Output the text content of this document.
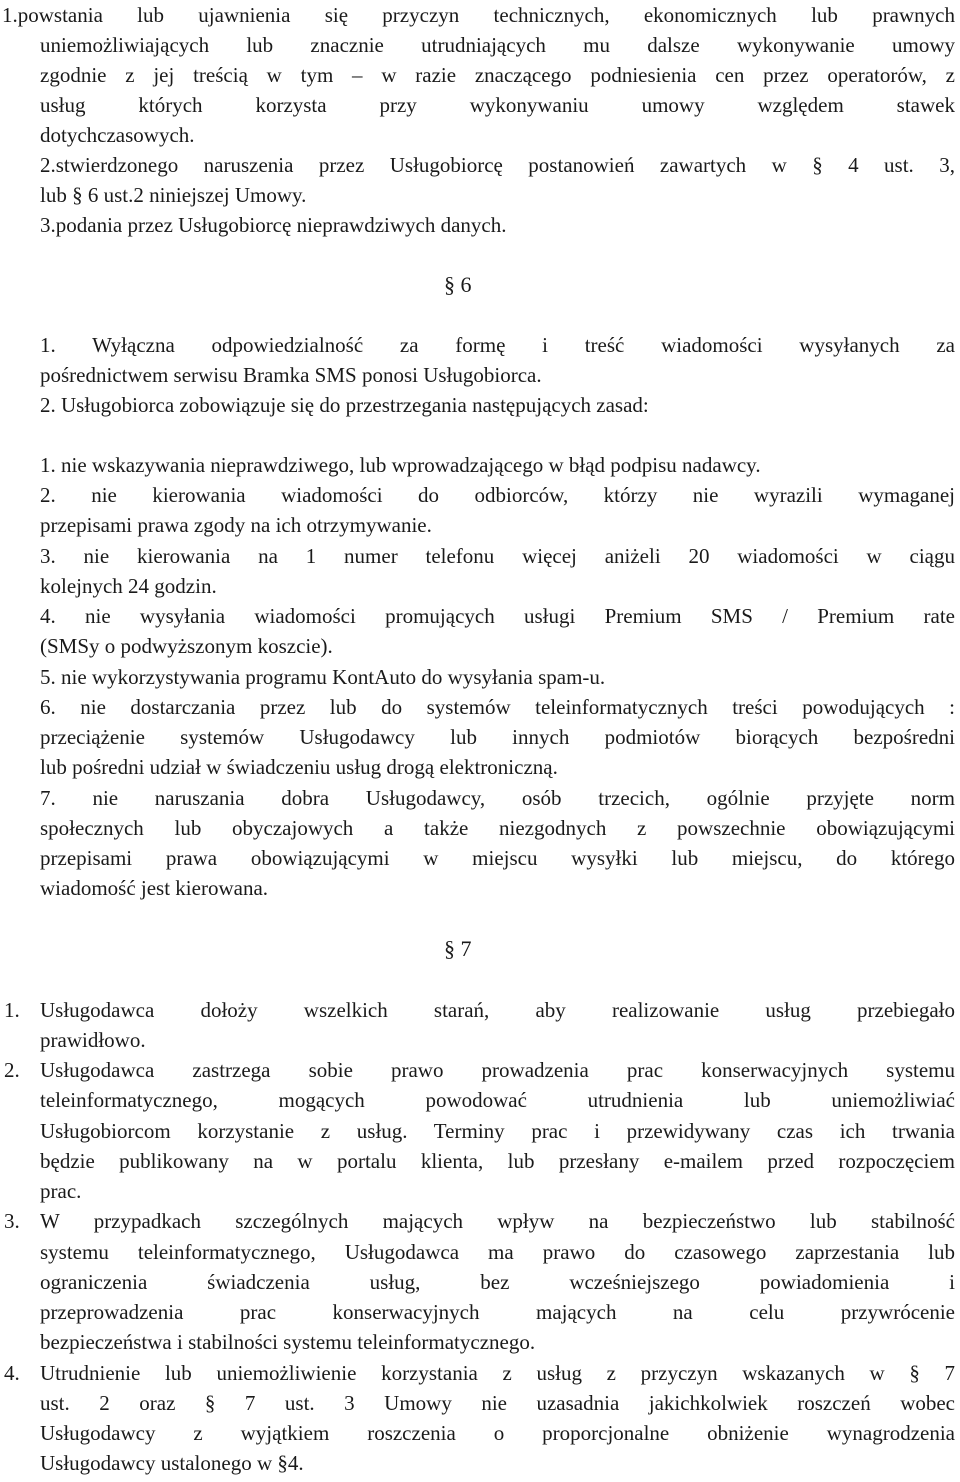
1.powstania lub ujawnienia się przyczyn technicznych, ekonomicznych lub prawnych
uniemożliwiających lub znacznie utrudniających mu dalsze wykonywanie umowy
zgodnie z jej treścią w tym – w razie znaczącego podniesienia cen przez operatorów, z
usług których korzysta przy wykonywaniu umowy względem stawek
dotychczasowych.
2.stwierdzonego naruszenia przez Usługobiorcę postanowień zawartych w § 4 ust. 3,
lub § 6 ust.2 niniejszej Umowy.
3.podania przez Usługobiorcę nieprawdziwych danych.
§ 6
1. Wyłączna odpowiedzialność za formę i treść wiadomości wysyłanych za
pośrednictwem serwisu Bramka SMS ponosi Usługobiorca.
2. Usługobiorca zobowiązuje się do przestrzegania następujących zasad:
1. nie wskazywania nieprawdziwego, lub wprowadzającego w błąd podpisu nadawcy.
2. nie kierowania wiadomości do odbiorców, którzy nie wyrazili wymaganej
przepisami prawa zgody na ich otrzymywanie.
3. nie kierowania na 1 numer telefonu więcej aniżeli 20 wiadomości w ciągu
kolejnych 24 godzin.
4. nie wysyłania wiadomości promujących usługi Premium SMS / Premium rate
(SMSy o podwyższonym koszcie).
5. nie wykorzystywania programu KontAuto do wysyłania spam-u.
6. nie dostarczania przez lub do systemów teleinformatycznych treści powodujących :
przeciążenie systemów Usługodawcy lub innych podmiotów biorących bezpośredni
lub pośredni udział w świadczeniu usług drogą elektroniczną.
7. nie naruszania dobra Usługodawcy, osób trzecich, ogólnie przyjęte norm
społecznych lub obyczajowych a także niezgodnych z powszechnie obowiązującymi
przepisami prawa obowiązującymi w miejscu wysyłki lub miejscu, do którego
wiadomość jest kierowana.
§ 7
1. Usługodawca dołoży wszelkich starań, aby realizowanie usług przebiegało
prawidłowo.
2. Usługodawca zastrzega sobie prawo prowadzenia prac konserwacyjnych systemu
teleinformatycznego, mogących powodować utrudnienia lub uniemożliwiać
Usługobiorcom korzystanie z usług. Terminy prac i przewidywany czas ich trwania
będzie publikowany na w portalu klienta, lub przesłany e-mailem przed rozpoczęciem
prac.
3. W przypadkach szczególnych mających wpływ na bezpieczeństwo lub stabilność
systemu teleinformatycznego, Usługodawca ma prawo do czasowego zaprzestania lub
ograniczenia świadczenia usług, bez wcześniejszego powiadomienia i
przeprowadzenia prac konserwacyjnych mających na celu przywrócenie
bezpieczeństwa i stabilności systemu teleinformatycznego.
4. Utrudnienie lub uniemożliwienie korzystania z usług z przyczyn wskazanych w § 7
ust. 2 oraz § 7 ust. 3 Umowy nie uzasadnia jakichkolwiek roszczeń wobec
Usługodawcy z wyjątkiem roszczenia o proporcjonalne obniżenie wynagrodzenia
Usługodawcy ustalonego w §4.
